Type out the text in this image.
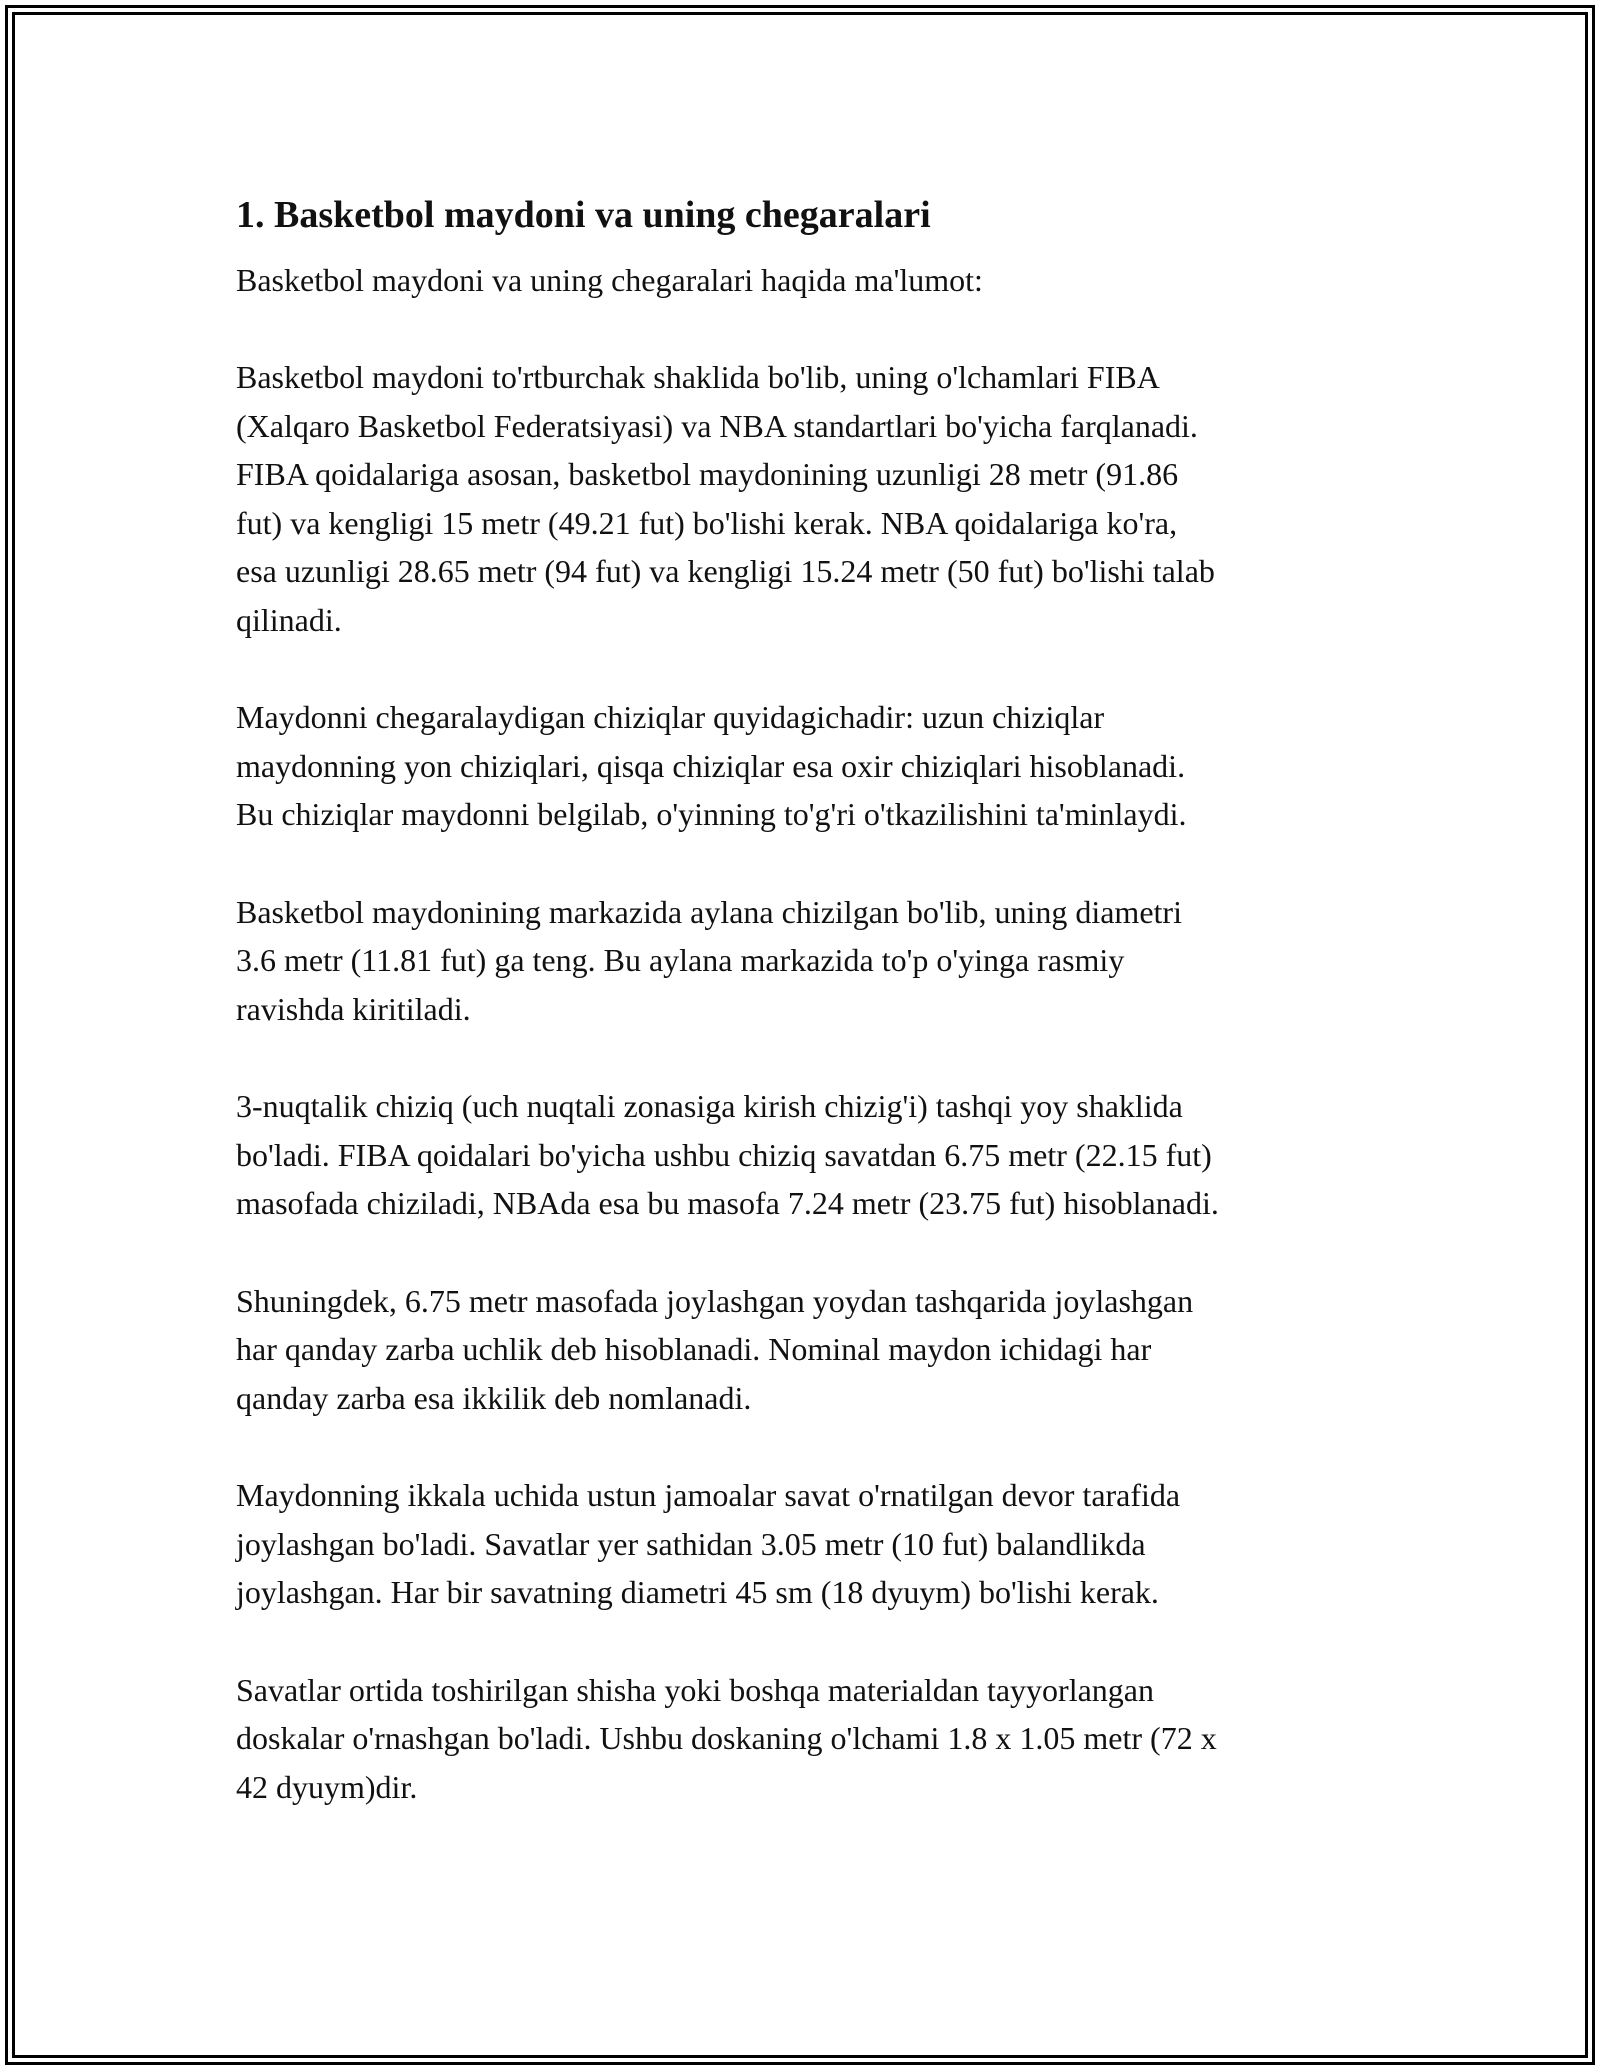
1. Basketbol maydoni va uning chegaralari

Basketbol maydoni va uning chegaralari haqida ma'lumot:

Basketbol maydoni to'rtburchak shaklida bo'lib, uning o'lchamlari FIBA
(Xalqaro Basketbol Federatsiyasi) va NBA standartlari bo'yicha farqlanadi.
FIBA qoidalariga asosan, basketbol maydonining uzunligi 28 metr (91.86
fut) va kengligi 15 metr (49.21 fut) bo'lishi kerak. NBA qoidalariga ko'ra,
esa uzunligi 28.65 metr (94 fut) va kengligi 15.24 metr (50 fut) bo'lishi talab
qilinadi.

Maydonni chegaralaydigan chiziqlar quyidagichadir: uzun chiziqlar
maydonning yon chiziqlari, qisqa chiziqlar esa oxir chiziqlari hisoblanadi.
Bu chiziqlar maydonni belgilab, o'yinning to'g'ri o'tkazilishini ta'minlaydi.

Basketbol maydonining markazida aylana chizilgan bo'lib, uning diametri
3.6 metr (11.81 fut) ga teng. Bu aylana markazida to'p o'yinga rasmiy
ravishda kiritiladi.

3-nuqtalik chiziq (uch nuqtali zonasiga kirish chizig'i) tashqi yoy shaklida
bo'ladi. FIBA qoidalari bo'yicha ushbu chiziq savatdan 6.75 metr (22.15 fut)
masofada chiziladi, NBAda esa bu masofa 7.24 metr (23.75 fut) hisoblanadi.

Shuningdek, 6.75 metr masofada joylashgan yoydan tashqarida joylashgan
har qanday zarba uchlik deb hisoblanadi. Nominal maydon ichidagi har
qanday zarba esa ikkilik deb nomlanadi.

Maydonning ikkala uchida ustun jamoalar savat o'rnatilgan devor tarafida
joylashgan bo'ladi. Savatlar yer sathidan 3.05 metr (10 fut) balandlikda
joylashgan. Har bir savatning diametri 45 sm (18 dyuym) bo'lishi kerak.

Savatlar ortida toshirilgan shisha yoki boshqa materialdan tayyorlangan
doskalar o'rnashgan bo'ladi. Ushbu doskaning o'lchami 1.8 x 1.05 metr (72 x
42 dyuym)dir.
